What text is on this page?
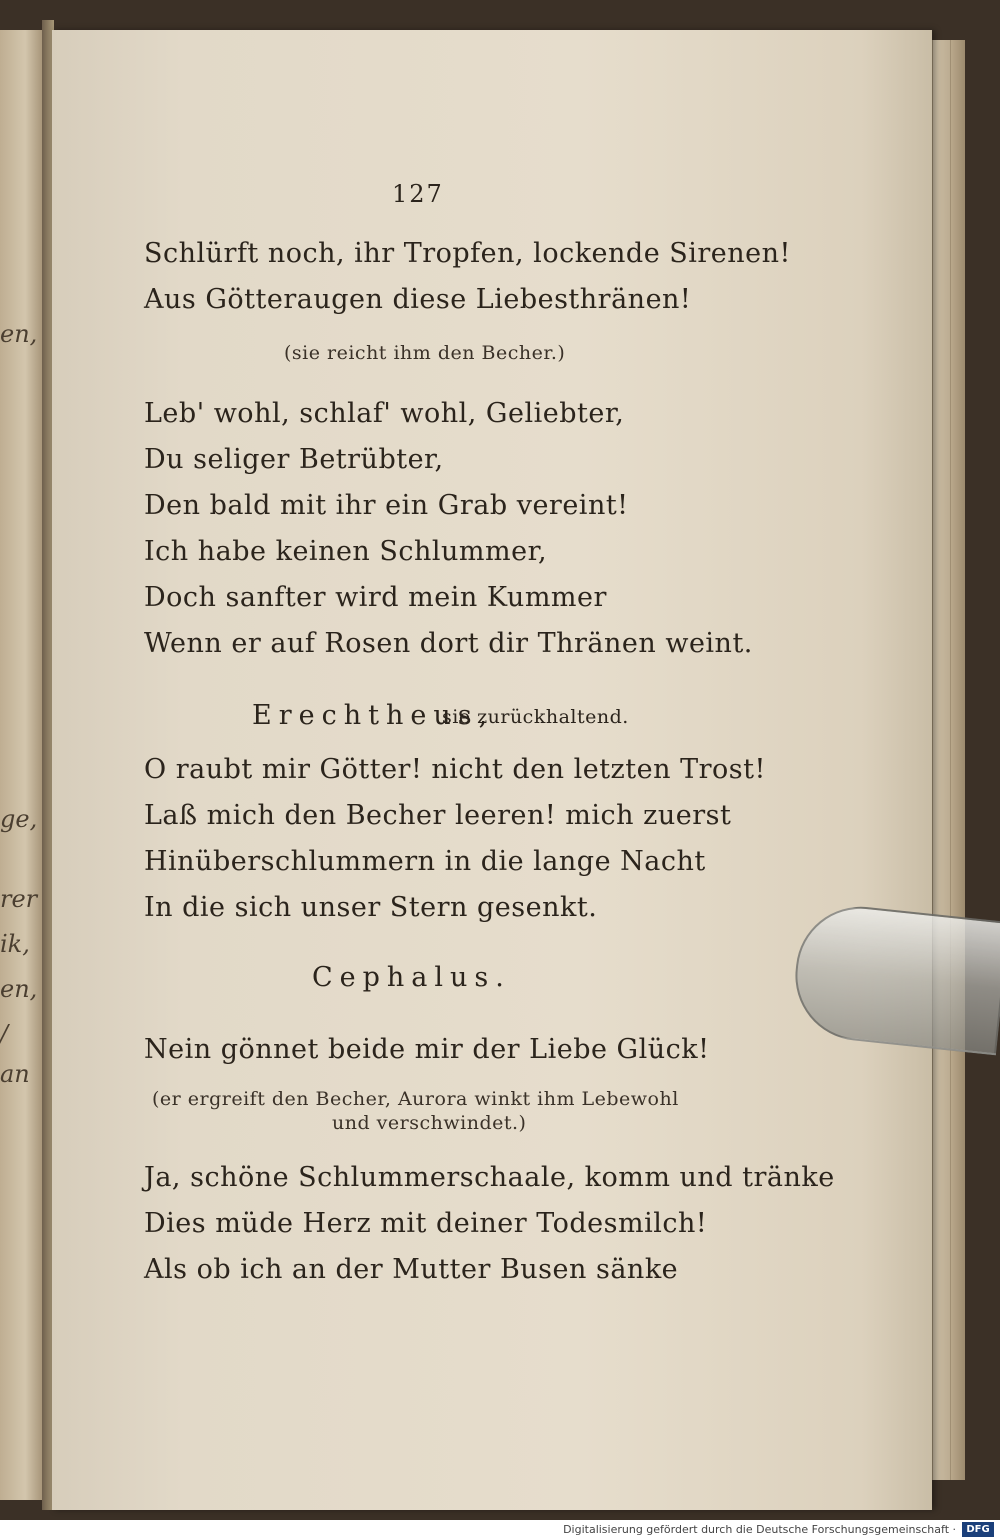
en,
ge,
rer
ik,
en,
/
an
127
Schlürft noch, ihr Tropfen, lockende Sirenen!
Aus Götteraugen diese Liebesthränen!
(sie reicht ihm den Becher.)
Leb' wohl, schlaf' wohl, Geliebter,
Du seliger Betrübter,
Den bald mit ihr ein Grab vereint!
Ich habe keinen Schlummer,
Doch sanfter wird mein Kummer
Wenn er auf Rosen dort dir Thränen weint.
Erechtheus,
sie zurückhaltend.
O raubt mir Götter! nicht den letzten Trost!
Laß mich den Becher leeren! mich zuerst
Hinüberschlummern in die lange Nacht
In die sich unser Stern gesenkt.
Cephalus.
Nein gönnet beide mir der Liebe Glück!
(er ergreift den Becher, Aurora winkt ihm Lebewohl
und verschwindet.)
Ja, schöne Schlummerschaale, komm und tränke
Dies müde Herz mit deiner Todesmilch!
Als ob ich an der Mutter Busen sänke
Digitalisierung gefördert durch die Deutsche Forschungsgemeinschaft ·	DFG
